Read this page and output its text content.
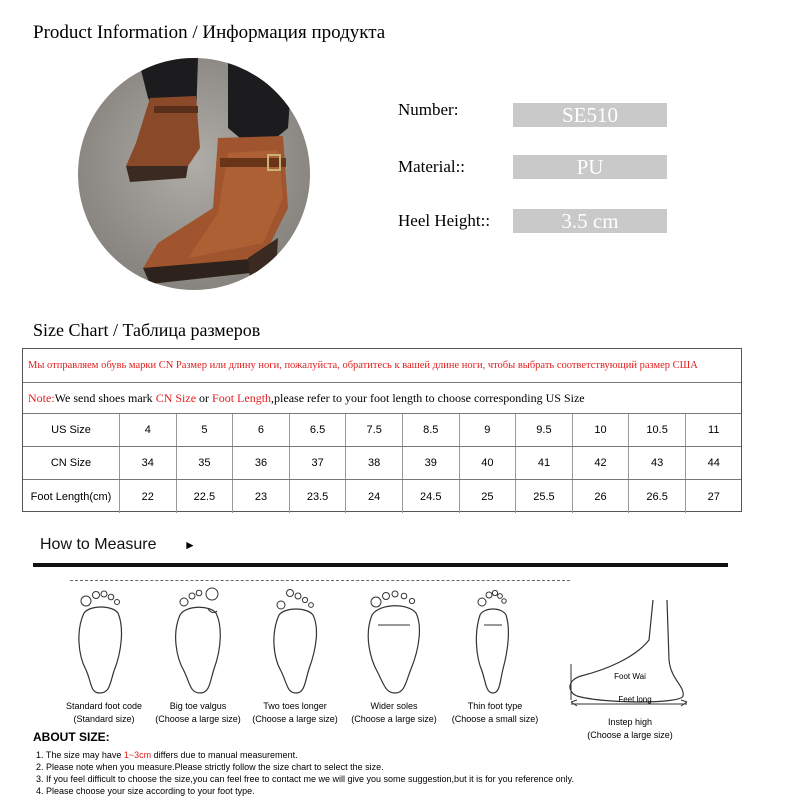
Product Information / Информация продукта
Number:	SE510
Material::	PU
Heel Height::	3.5 cm
Size Chart / Таблица размеров
Мы отправляем обувь марки CN Размер или длину ноги, пожалуйста, обратитесь к вашей длине ноги, чтобы выбрать соответствующий размер США
Note:We send shoes mark CN Size or Foot Length,please refer to your foot length to choose corresponding US Size
US Size	4	5	6	6.5	7.5	8.5	9	9.5	10	10.5	11
CN Size	34	35	36	37	38	39	40	41	42	43	44
Foot Length(cm)	22	22.5	23	23.5	24	24.5	25	25.5	26	26.5	27
How to Measure ►
Standard foot code
(Standard size)
Big toe valgus
(Choose a large size)
Two toes longer
(Choose a large size)
Wider soles
(Choose a large size)
Thin foot type
(Choose a small size)
Foot Wai
Feet long
Instep high
(Choose a large size)
ABOUT SIZE:
1. The size may have 1~3cm differs due to manual measurement.
2. Please note when you measure.Please strictly follow the size chart to select the size.
3. If you feel difficult to choose the size,you can feel free to contact me we will give you some suggestion,but it is for you reference only.
4. Please choose your size according to your foot type.
